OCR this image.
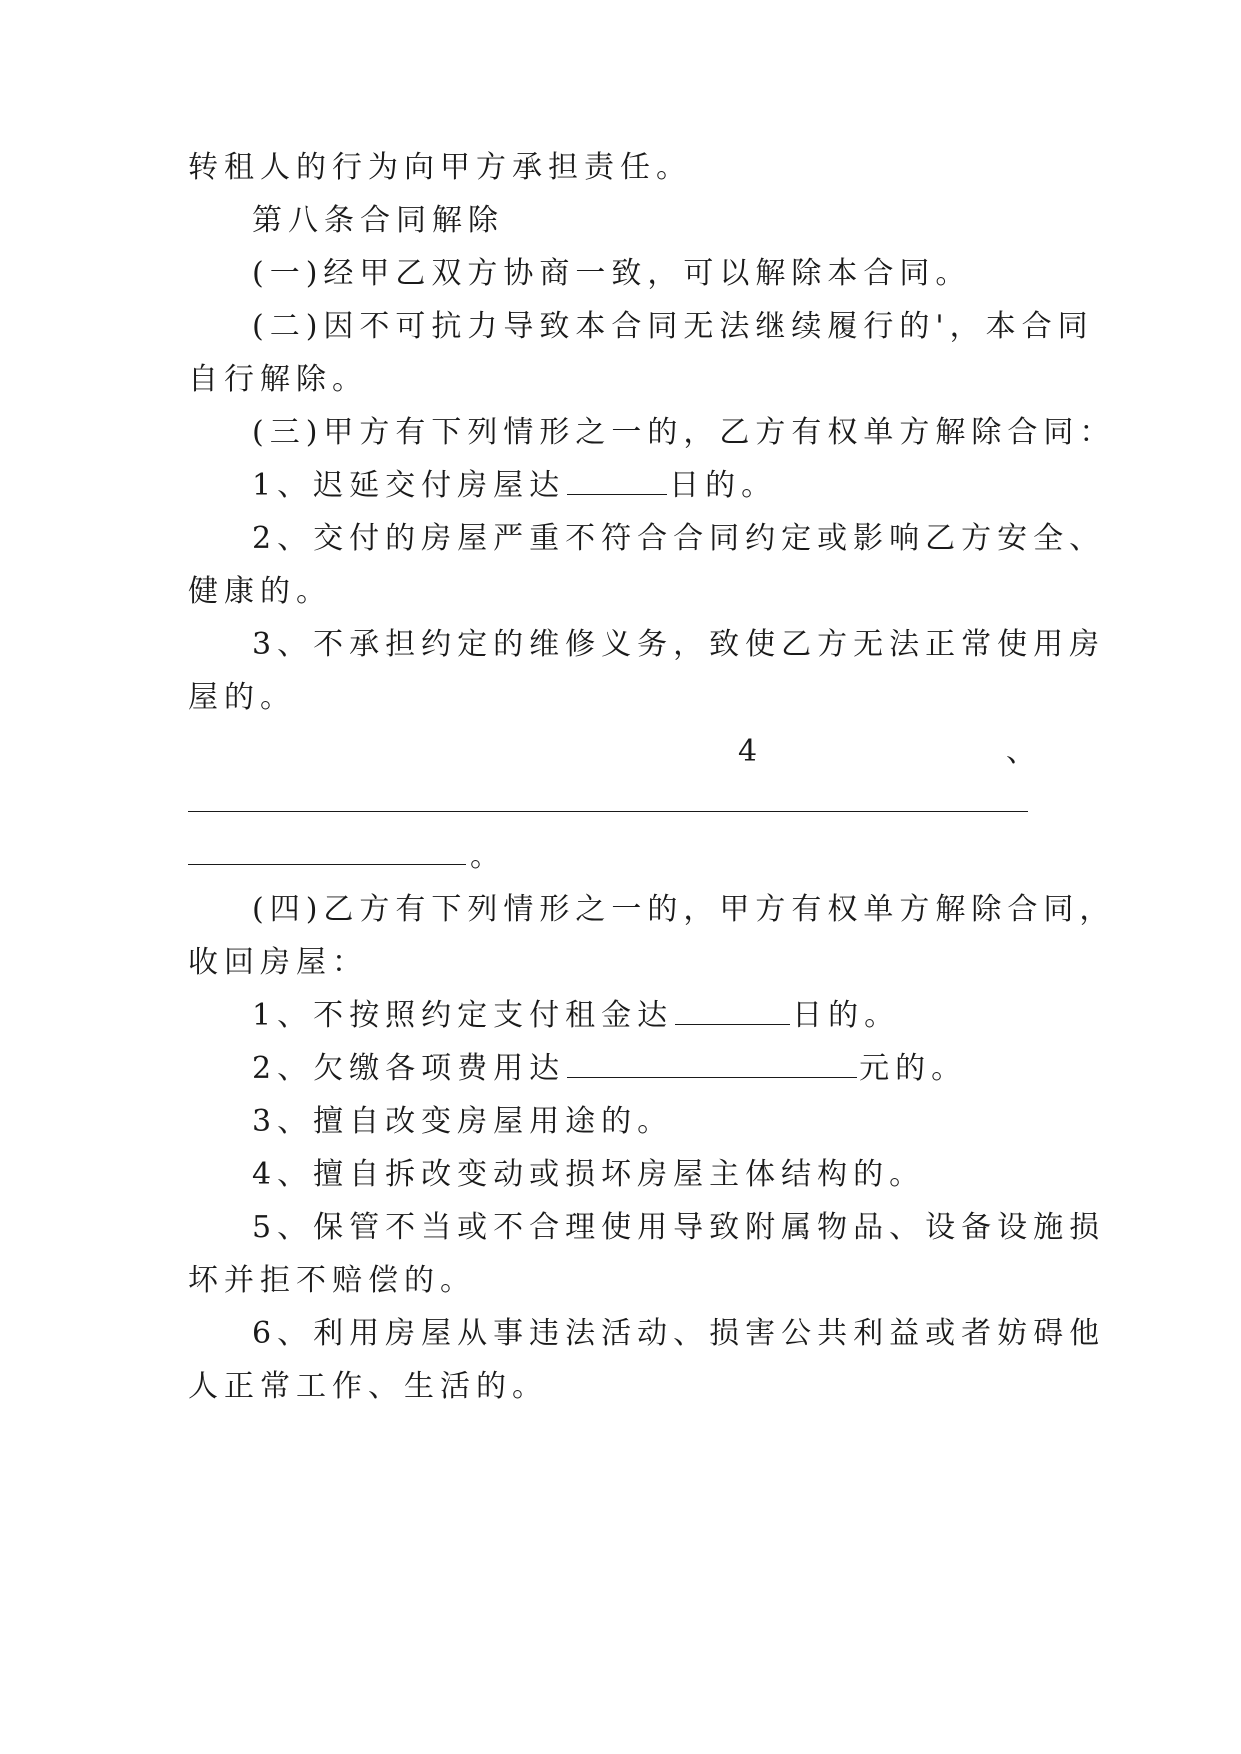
转租人的行为向甲方承担责任。
第八条合同解除
(一)经甲乙双方协商一致，可以解除本合同。
(二)因不可抗力导致本合同无法继续履行的'，本合同
自行解除。
(三)甲方有下列情形之一的，乙方有权单方解除合同：
1、迟延交付房屋达	日的。
2、交付的房屋严重不符合合同约定或影响乙方安全、
健康的。
3、不承担约定的维修义务，致使乙方无法正常使用房
屋的。
4	、
。
(四)乙方有下列情形之一的，甲方有权单方解除合同，
收回房屋：
1、不按照约定支付租金达	日的。
2、欠缴各项费用达	元的。
3、擅自改变房屋用途的。
4、擅自拆改变动或损坏房屋主体结构的。
5、保管不当或不合理使用导致附属物品、设备设施损
坏并拒不赔偿的。
6、利用房屋从事违法活动、损害公共利益或者妨碍他
人正常工作、生活的。
